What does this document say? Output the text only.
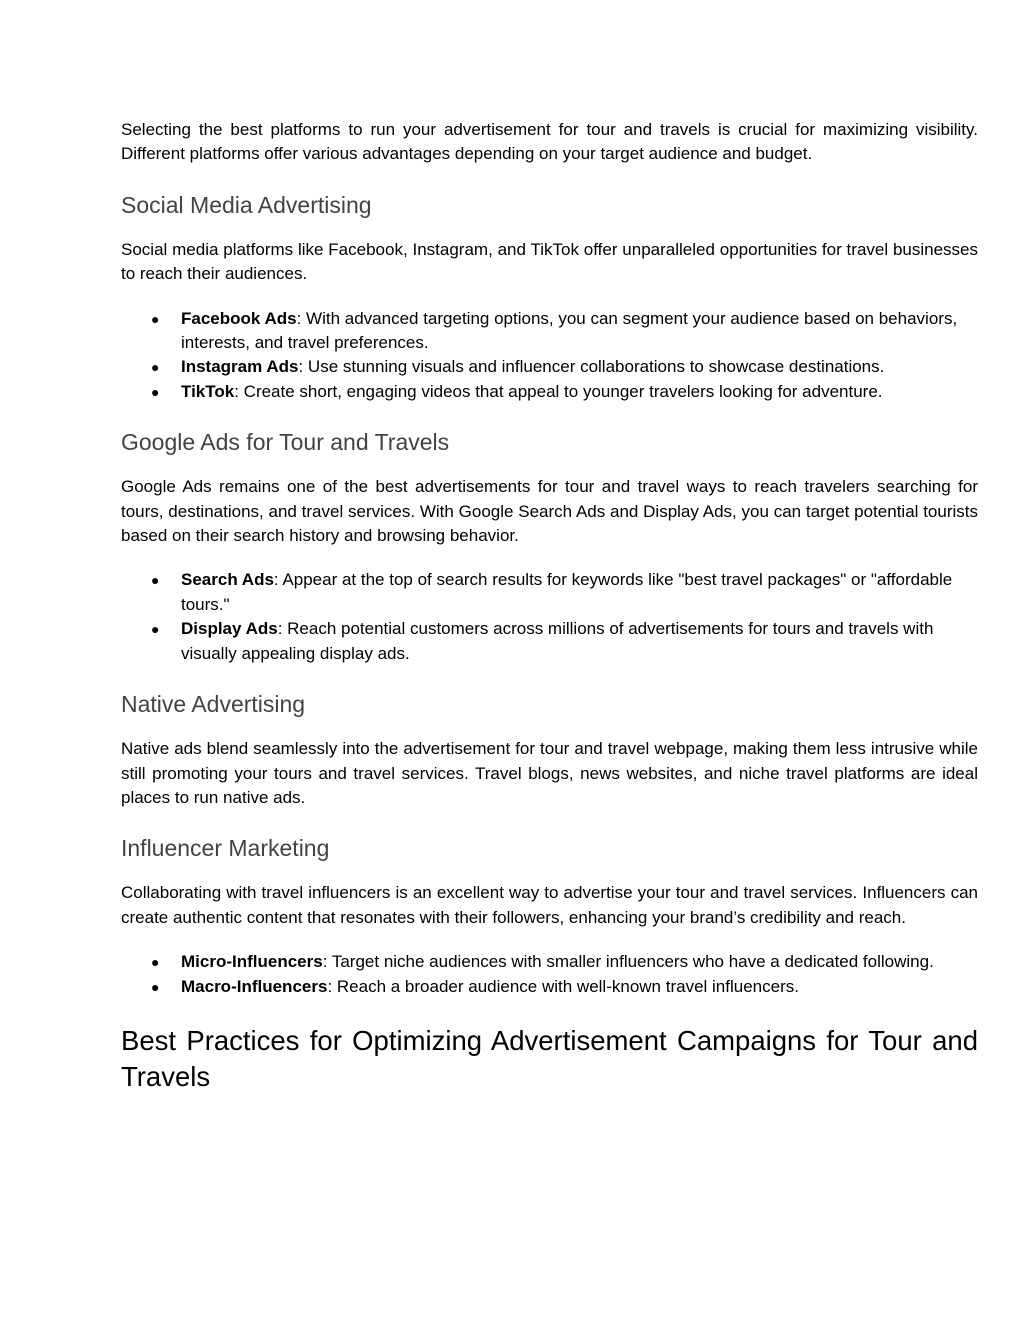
Selecting the best platforms to run your advertisement for tour and travels is crucial for maximizing visibility. Different platforms offer various advantages depending on your target audience and budget.

Social Media Advertising

Social media platforms like Facebook, Instagram, and TikTok offer unparalleled opportunities for travel businesses to reach their audiences.

● Facebook Ads: With advanced targeting options, you can segment your audience based on behaviors, interests, and travel preferences.
● Instagram Ads: Use stunning visuals and influencer collaborations to showcase destinations.
● TikTok: Create short, engaging videos that appeal to younger travelers looking for adventure.
Google Ads for Tour and Travels

Google Ads remains one of the best advertisements for tour and travel ways to reach travelers searching for tours, destinations, and travel services. With Google Search Ads and Display Ads, you can target potential tourists based on their search history and browsing behavior.

● Search Ads: Appear at the top of search results for keywords like "best travel packages" or "affordable tours."
● Display Ads: Reach potential customers across millions of advertisements for tours and travels with visually appealing display ads.
Native Advertising

Native ads blend seamlessly into the advertisement for tour and travel webpage, making them less intrusive while still promoting your tours and travel services. Travel blogs, news websites, and niche travel platforms are ideal places to run native ads.

Influencer Marketing

Collaborating with travel influencers is an excellent way to advertise your tour and travel services. Influencers can create authentic content that resonates with their followers, enhancing your brand’s credibility and reach.

● Micro-Influencers: Target niche audiences with smaller influencers who have a dedicated following.
● Macro-Influencers: Reach a broader audience with well-known travel influencers.
Best Practices for Optimizing Advertisement Campaigns for Tour and Travels
